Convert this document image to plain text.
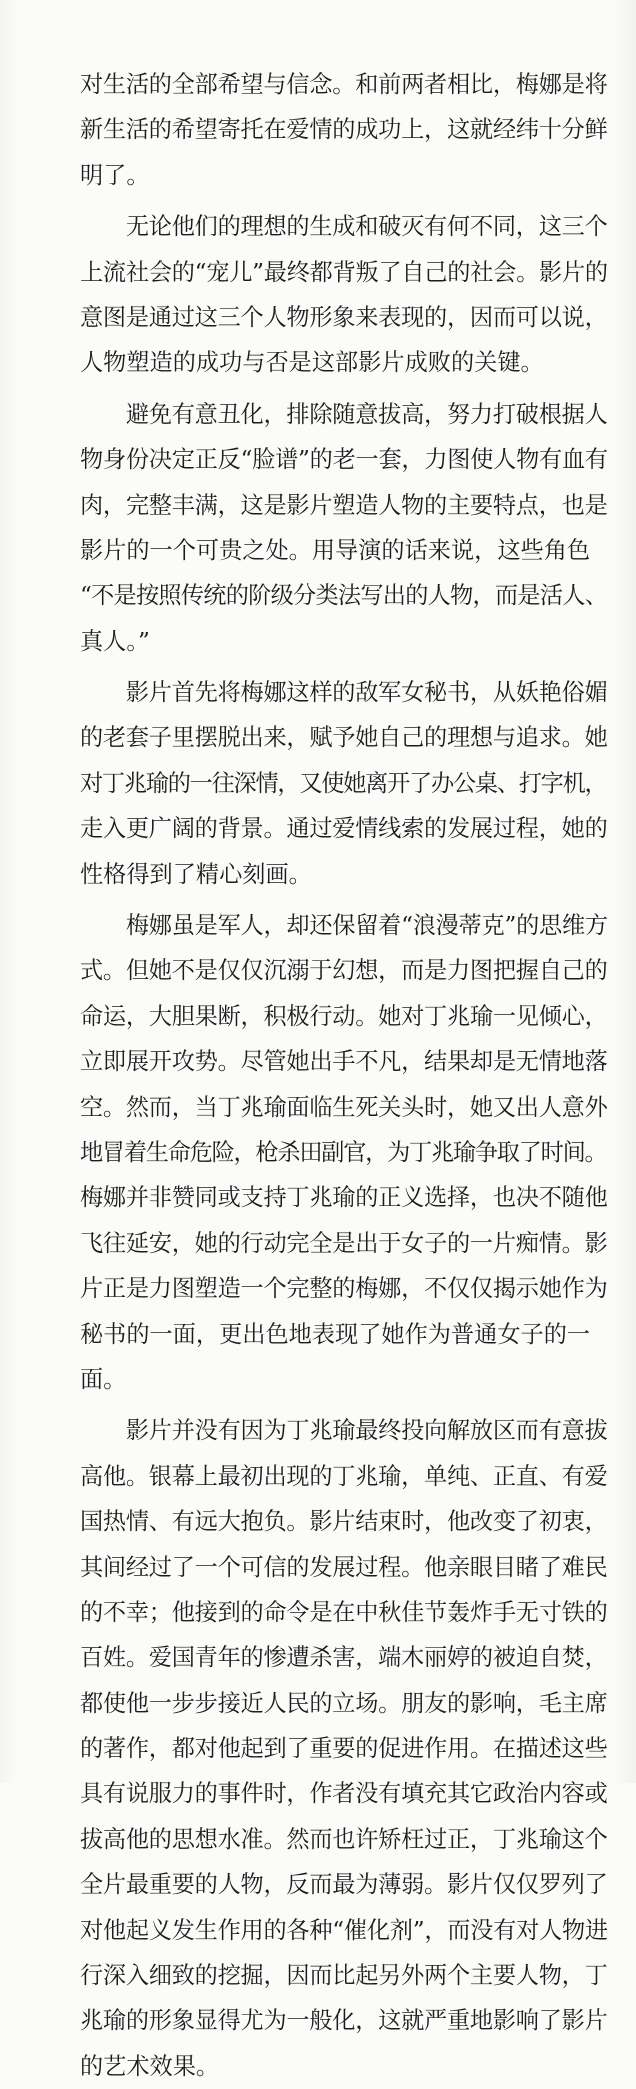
对生活的全部希望与信念。和前两者相比，梅娜是将
新生活的希望寄托在爱情的成功上，这就经纬十分鲜
明了。
　　无论他们的理想的生成和破灭有何不同，这三个
上流社会的“宠儿”最终都背叛了自己的社会。影片的
意图是通过这三个人物形象来表现的，因而可以说，
人物塑造的成功与否是这部影片成败的关键。
　　避免有意丑化，排除随意拔高，努力打破根据人
物身份决定正反“脸谱”的老一套，力图使人物有血有
肉，完整丰满，这是影片塑造人物的主要特点，也是
影片的一个可贵之处。用导演的话来说，这些角色
“不是按照传统的阶级分类法写出的人物，而是活人、
真人。”
　　影片首先将梅娜这样的敌军女秘书，从妖艳俗媚
的老套子里摆脱出来，赋予她自己的理想与追求。她
对丁兆瑜的一往深情，又使她离开了办公桌、打字机，
走入更广阔的背景。通过爱情线索的发展过程，她的
性格得到了精心刻画。
　　梅娜虽是军人，却还保留着“浪漫蒂克”的思维方
式。但她不是仅仅沉溺于幻想，而是力图把握自己的
命运，大胆果断，积极行动。她对丁兆瑜一见倾心，
立即展开攻势。尽管她出手不凡，结果却是无情地落
空。然而，当丁兆瑜面临生死关头时，她又出人意外
地冒着生命危险，枪杀田副官，为丁兆瑜争取了时间。
梅娜并非赞同或支持丁兆瑜的正义选择，也决不随他
飞往延安，她的行动完全是出于女子的一片痴情。影
片正是力图塑造一个完整的梅娜，不仅仅揭示她作为
秘书的一面，更出色地表现了她作为普通女子的一
面。
　　影片并没有因为丁兆瑜最终投向解放区而有意拔
高他。银幕上最初出现的丁兆瑜，单纯、正直、有爱
国热情、有远大抱负。影片结束时，他改变了初衷，
其间经过了一个可信的发展过程。他亲眼目睹了难民
的不幸；他接到的命令是在中秋佳节轰炸手无寸铁的
百姓。爱国青年的惨遭杀害，端木丽婷的被迫自焚，
都使他一步步接近人民的立场。朋友的影响，毛主席
的著作，都对他起到了重要的促进作用。在描述这些
具有说服力的事件时，作者没有填充其它政治内容或
拔高他的思想水准。然而也许矫枉过正，丁兆瑜这个
全片最重要的人物，反而最为薄弱。影片仅仅罗列了
对他起义发生作用的各种“催化剂”，而没有对人物进
行深入细致的挖掘，因而比起另外两个主要人物，丁
兆瑜的形象显得尤为一般化，这就严重地影响了影片
的艺术效果。
